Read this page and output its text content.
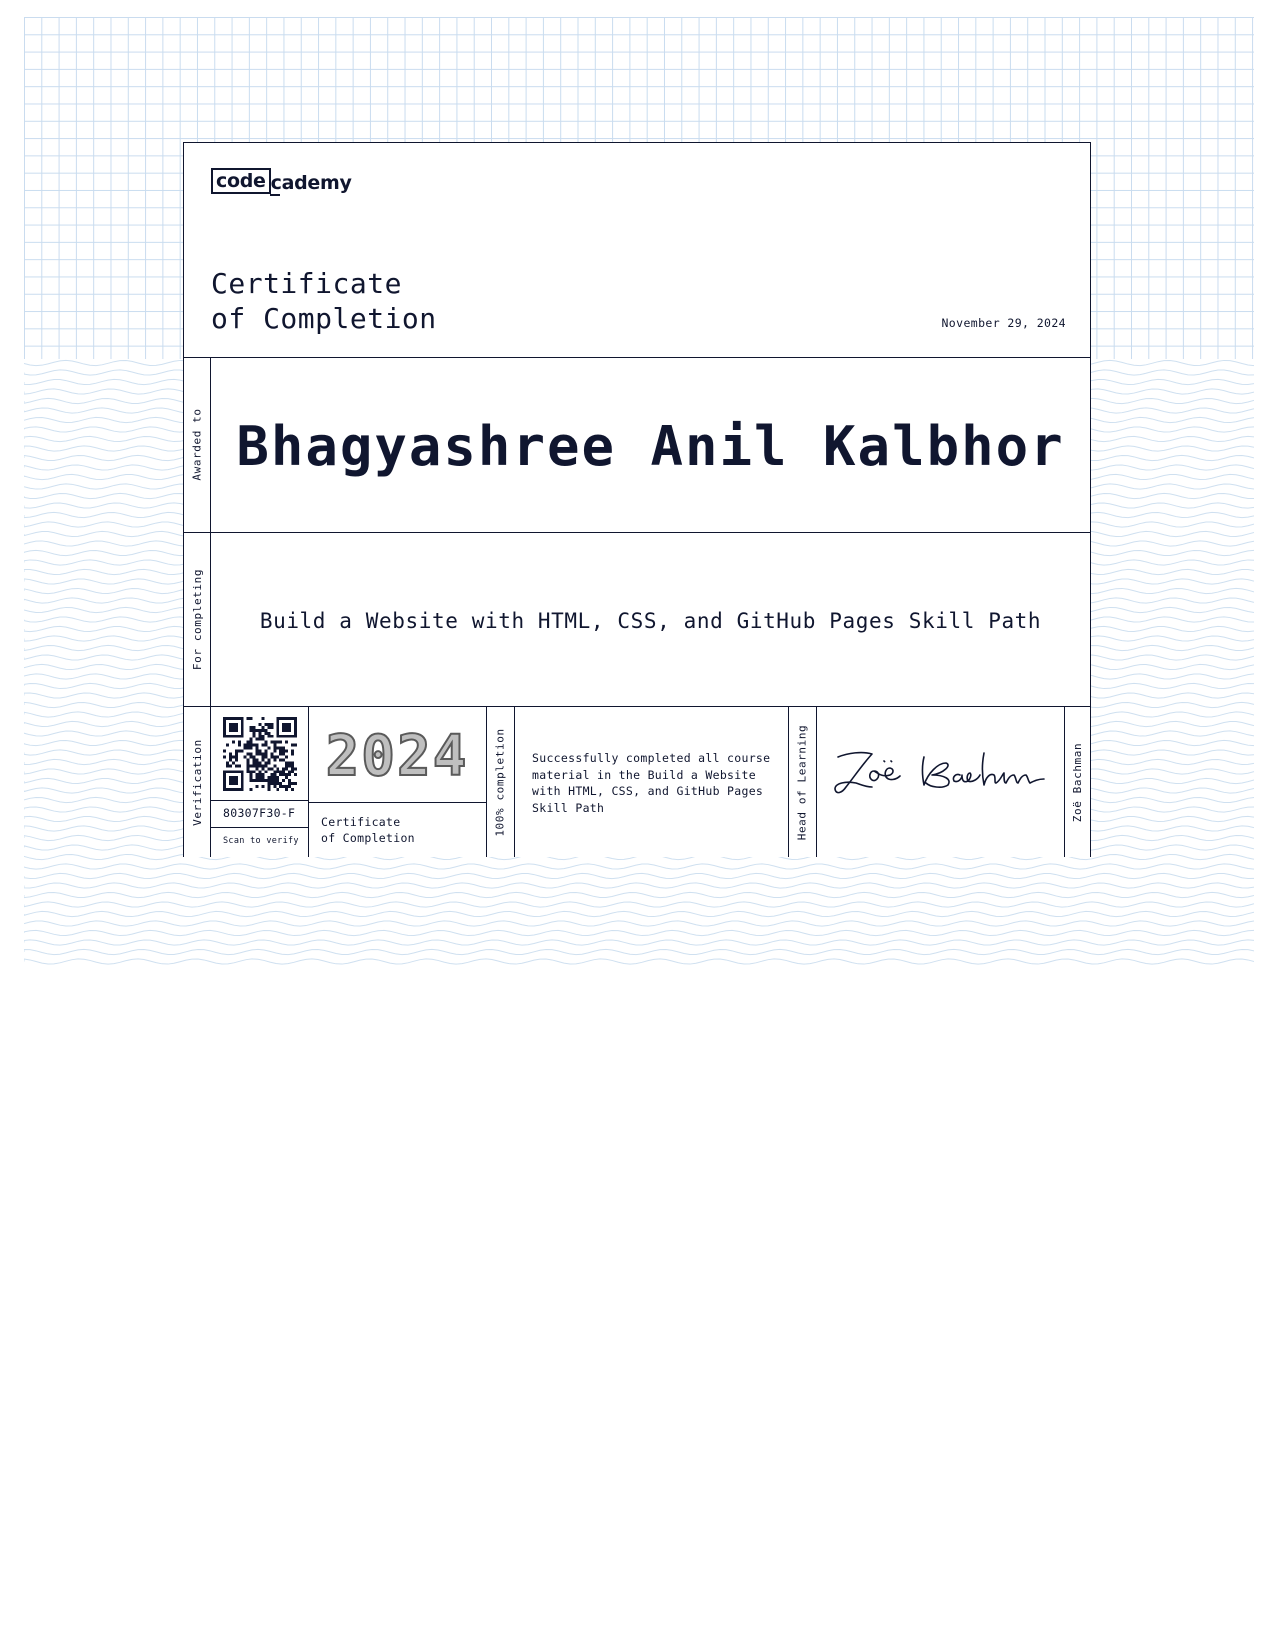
code cademy
Certificate
of Completion	November 29, 2024
Awarded to Bhagyashree Anil Kalbhor
For completing	Build a Website with HTML, CSS, and GitHub Pages Skill Path
Verification 80307F30-F
Scan to verify
2024
Certificate
of Completion
100% completion Successfully completed all course material in the Build a Website with HTML, CSS, and GitHub Pages Skill Path	Head of Learning	Zoë Bachman
